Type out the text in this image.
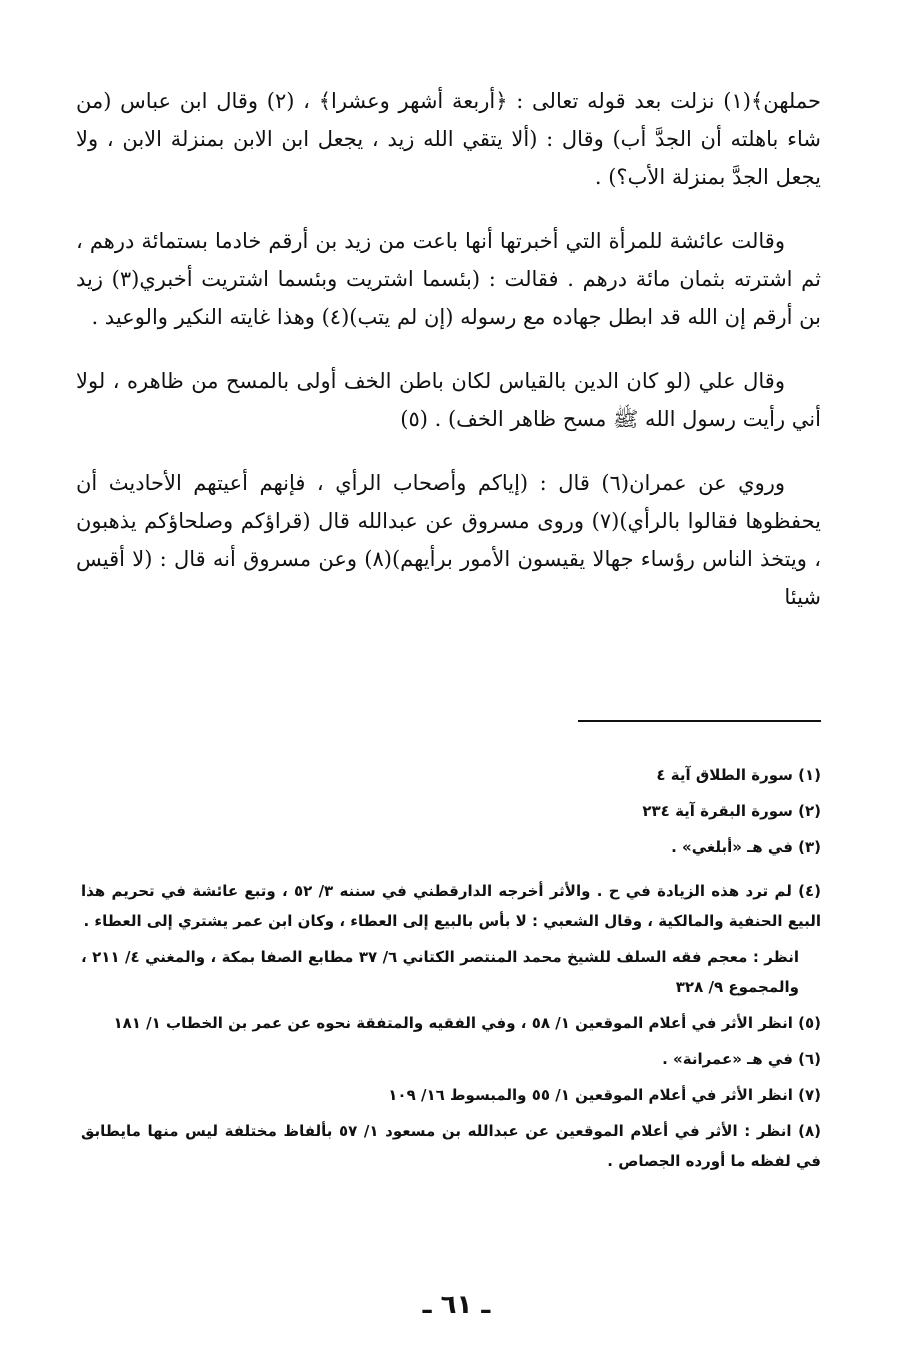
حملهن﴾(١) نزلت بعد قوله تعالى : ﴿أربعة أشهر وعشرا﴾ ، (٢) وقال ابن عباس (من شاء باهلته أن الجدَّ أب) وقال : (ألا يتقي الله زيد ، يجعل ابن الابن بمنزلة الابن ، ولا يجعل الجدَّ بمنزلة الأب؟) .

وقالت عائشة للمرأة التي أخبرتها أنها باعت من زيد بن أرقم خادما بستمائة درهم ، ثم اشترته بثمان مائة درهم . فقالت : (بئسما اشتريت وبئسما اشتريت أخبري(٣) زيد بن أرقم إن الله قد ابطل جهاده مع رسوله (إن لم يتب)(٤) وهذا غايته النكير والوعيد .

وقال علي (لو كان الدين بالقياس لكان باطن الخف أولى بالمسح من ظاهره ، لولا أني رأيت رسول الله ﷺ مسح ظاهر الخف) . (٥)

وروي عن عمران(٦) قال : (إياكم وأصحاب الرأي ، فإنهم أعيتهم الأحاديث أن يحفظوها فقالوا بالرأي)(٧) وروى مسروق عن عبدالله قال (قراؤكم وصلحاؤكم يذهبون ، ويتخذ الناس رؤساء جهالا يقيسون الأمور برأيهم)(٨) وعن مسروق أنه قال : (لا أقيس شيئا

(١) سورة الطلاق آية ٤
(٢) سورة البقرة آية ٢٣٤
(٣) في هـ «أبلغي» .
(٤) لم ترد هذه الزيادة في ح . والأثر أخرجه الدارقطني في سننه ٣/ ٥٢ ، وتبع عائشة في تحريم هذا البيع الحنفية والمالكية ، وقال الشعبي : لا بأس بالبيع إلى العطاء ، وكان ابن عمر يشتري إلى العطاء .
انظر : معجم فقه السلف للشيخ محمد المنتصر الكتاني ٦/ ٣٧ مطابع الصفا بمكة ، والمغني ٤/ ٢١١ ، والمجموع ٩/ ٣٢٨
(٥) انظر الأثر في أعلام الموقعين ١/ ٥٨ ، وفي الفقيه والمتفقة نحوه عن عمر بن الخطاب ١/ ١٨١
(٦) في هـ «عمرانة» .
(٧) انظر الأثر في أعلام الموقعين ١/ ٥٥ والمبسوط ١٦/ ١٠٩
(٨) انظر : الأثر في أعلام الموقعين عن عبدالله بن مسعود ١/ ٥٧ بألفاظ مختلفة ليس منها مايطابق في لفظه ما أورده الجصاص .
ـ ٦١ ـ
